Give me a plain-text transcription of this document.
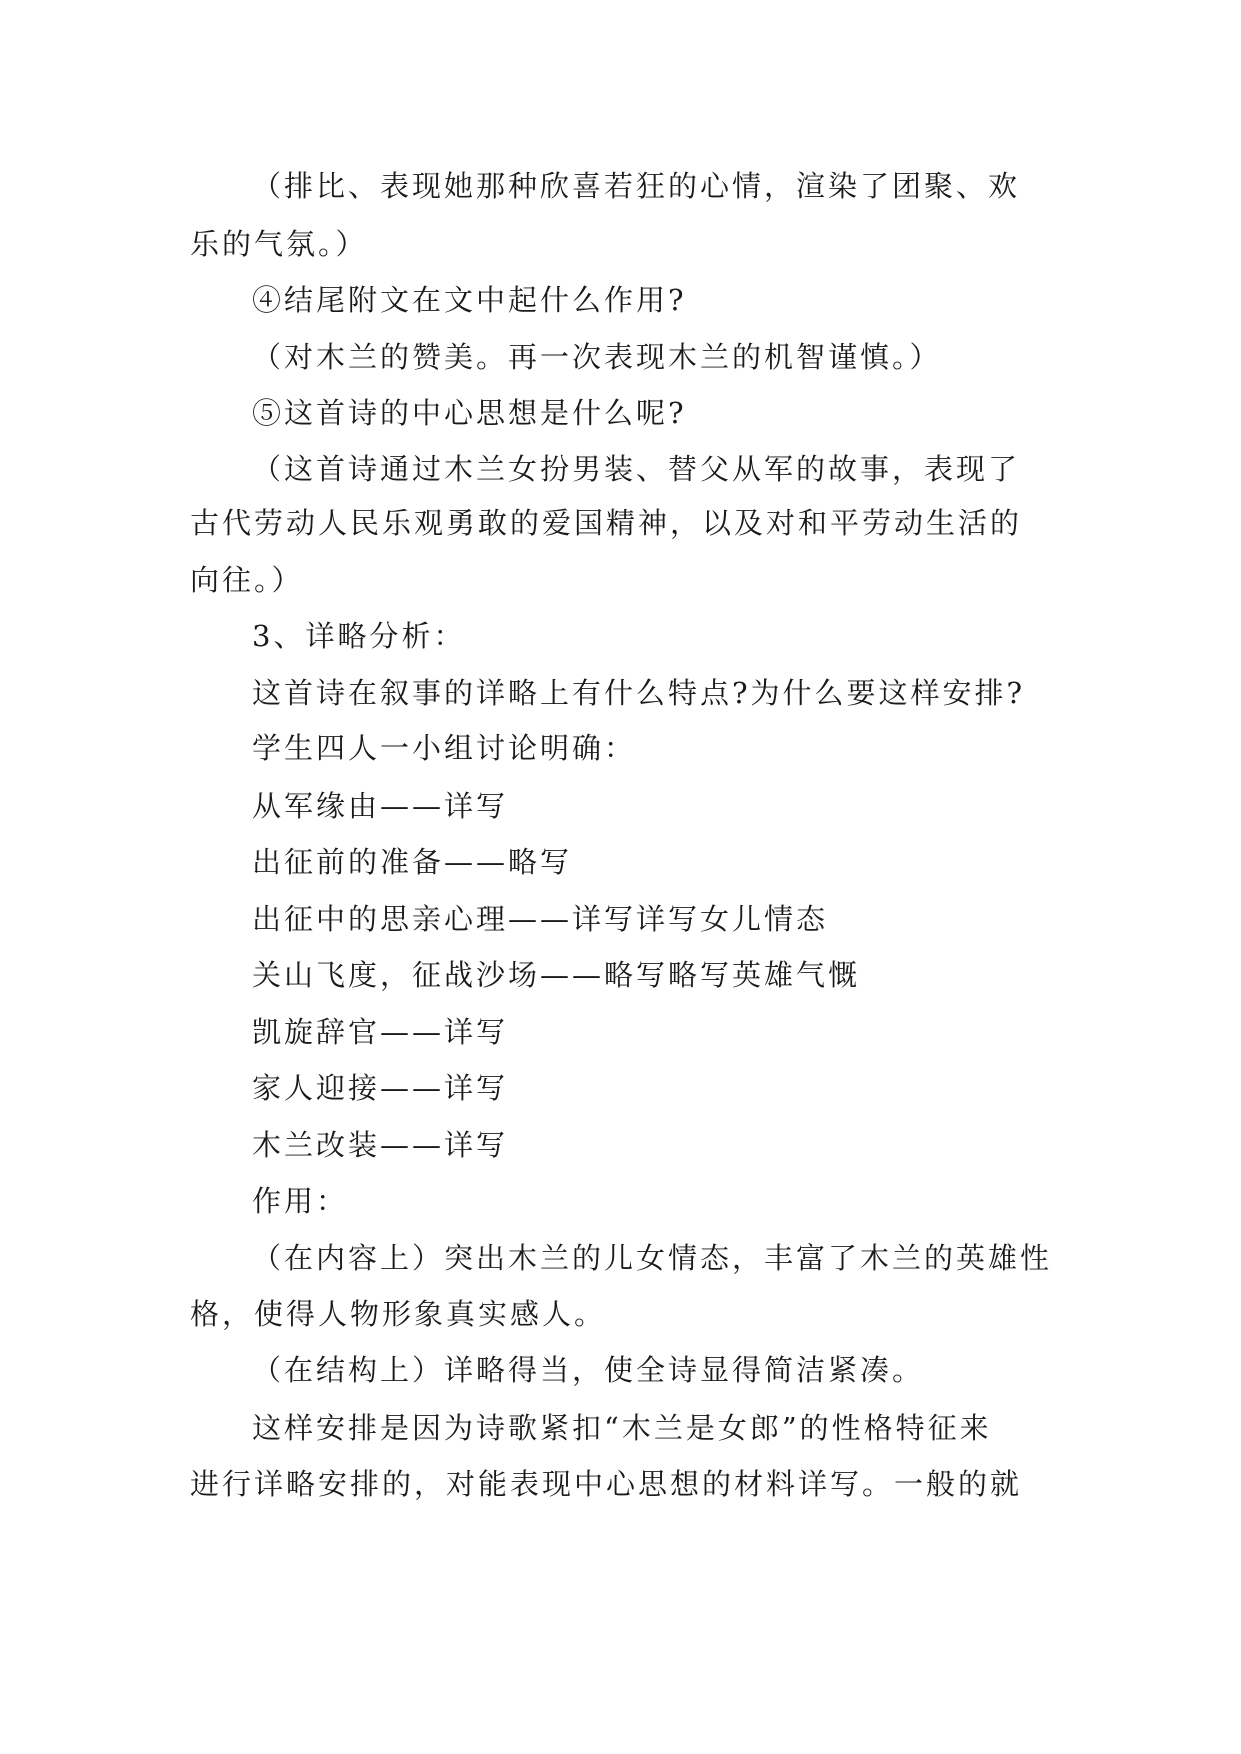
（排比、表现她那种欣喜若狂的心情，渲染了团聚、欢

乐的气氛。）

④结尾附文在文中起什么作用?

（对木兰的赞美。再一次表现木兰的机智谨慎。）

⑤这首诗的中心思想是什么呢?

（这首诗通过木兰女扮男装、替父从军的故事，表现了

古代劳动人民乐观勇敢的爱国精神，以及对和平劳动生活的

向往。）

3、详略分析：

这首诗在叙事的详略上有什么特点?为什么要这样安排?

学生四人一小组讨论明确：

从军缘由——详写

出征前的准备——略写

出征中的思亲心理——详写详写女儿情态

关山飞度，征战沙场——略写略写英雄气慨

凯旋辞官——详写

家人迎接——详写

木兰改装——详写

作用：

（在内容上）突出木兰的儿女情态，丰富了木兰的英雄性

格，使得人物形象真实感人。

（在结构上）详略得当，使全诗显得简洁紧凑。

这样安排是因为诗歌紧扣“木兰是女郎”的性格特征来

进行详略安排的，对能表现中心思想的材料详写。一般的就
